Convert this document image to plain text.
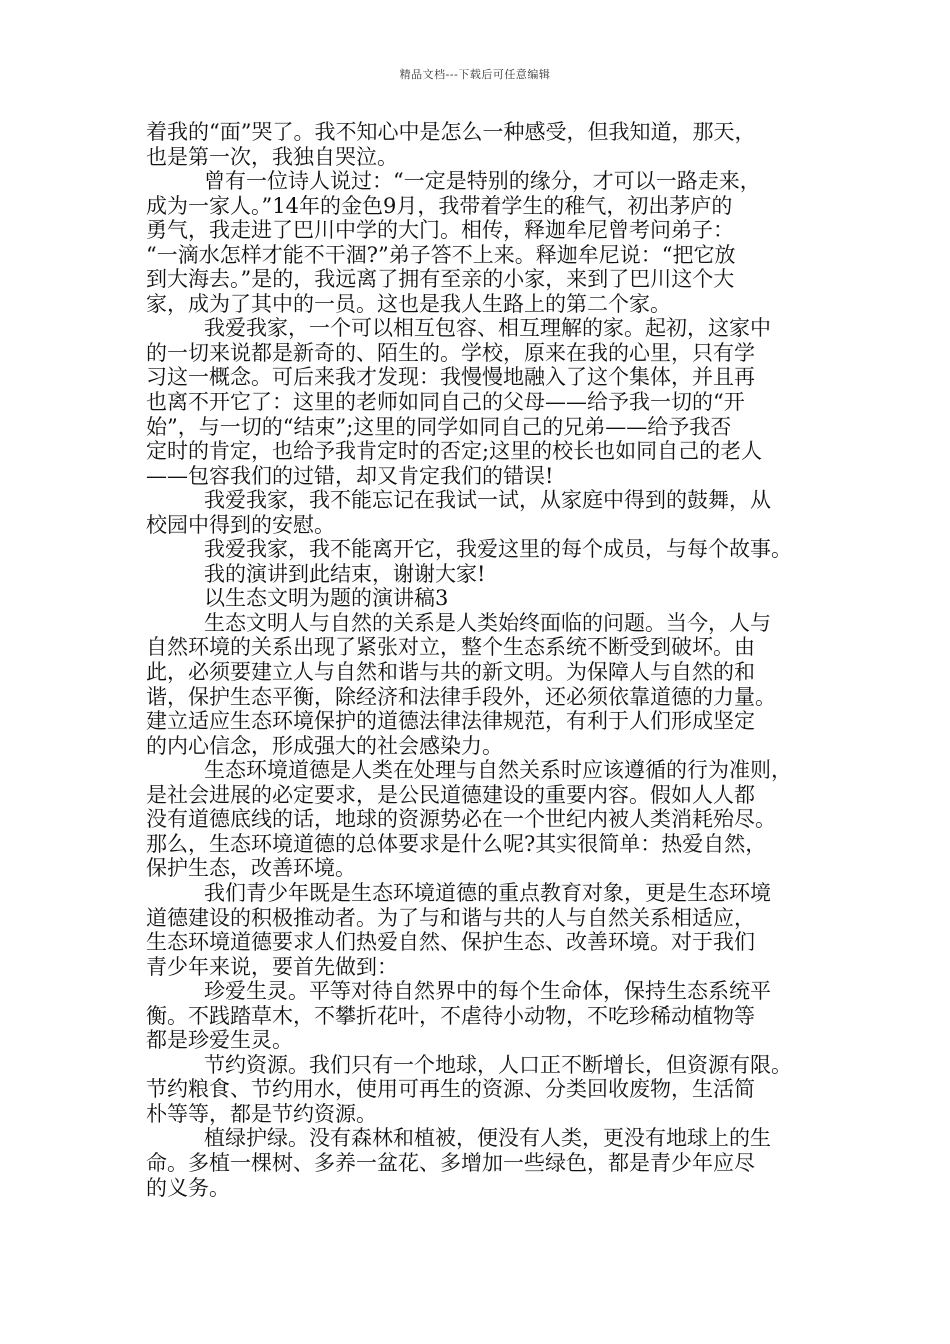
精品文档---下载后可任意编辑
着我的“面”哭了。我不知心中是怎么一种感受，但我知道，那天，
也是第一次，我独自哭泣。
曾有一位诗人说过：“一定是特别的缘分，才可以一路走来，
成为一家人。”14年的金色9月，我带着学生的稚气，初出茅庐的
勇气，我走进了巴川中学的大门。相传，释迦牟尼曾考问弟子：
“一滴水怎样才能不干涸?”弟子答不上来。释迦牟尼说：“把它放
到大海去。”是的，我远离了拥有至亲的小家，来到了巴川这个大
家，成为了其中的一员。这也是我人生路上的第二个家。
我爱我家，一个可以相互包容、相互理解的家。起初，这家中
的一切来说都是新奇的、陌生的。学校，原来在我的心里，只有学
习这一概念。可后来我才发现：我慢慢地融入了这个集体，并且再
也离不开它了：这里的老师如同自己的父母——给予我一切的“开
始”，与一切的“结束”;这里的同学如同自己的兄弟——给予我否
定时的肯定，也给予我肯定时的否定;这里的校长也如同自己的老人
——包容我们的过错，却又肯定我们的错误!
我爱我家，我不能忘记在我试一试，从家庭中得到的鼓舞，从
校园中得到的安慰。
我爱我家，我不能离开它，我爱这里的每个成员，与每个故事。
我的演讲到此结束，谢谢大家!
以生态文明为题的演讲稿3
生态文明人与自然的关系是人类始终面临的问题。当今，人与
自然环境的关系出现了紧张对立，整个生态系统不断受到破坏。由
此，必须要建立人与自然和谐与共的新文明。为保障人与自然的和
谐，保护生态平衡，除经济和法律手段外，还必须依靠道德的力量。
建立适应生态环境保护的道德法律法律规范，有利于人们形成坚定
的内心信念，形成强大的社会感染力。
生态环境道德是人类在处理与自然关系时应该遵循的行为准则，
是社会进展的必定要求，是公民道德建设的重要内容。假如人人都
没有道德底线的话，地球的资源势必在一个世纪内被人类消耗殆尽。
那么，生态环境道德的总体要求是什么呢?其实很简单：热爱自然，
保护生态，改善环境。
我们青少年既是生态环境道德的重点教育对象，更是生态环境
道德建设的积极推动者。为了与和谐与共的人与自然关系相适应，
生态环境道德要求人们热爱自然、保护生态、改善环境。对于我们
青少年来说，要首先做到：
珍爱生灵。平等对待自然界中的每个生命体，保持生态系统平
衡。不践踏草木，不攀折花叶，不虐待小动物，不吃珍稀动植物等
都是珍爱生灵。
节约资源。我们只有一个地球，人口正不断增长，但资源有限。
节约粮食、节约用水，使用可再生的资源、分类回收废物，生活简
朴等等，都是节约资源。
植绿护绿。没有森林和植被，便没有人类，更没有地球上的生
命。多植一棵树、多养一盆花、多增加一些绿色，都是青少年应尽
的义务。
